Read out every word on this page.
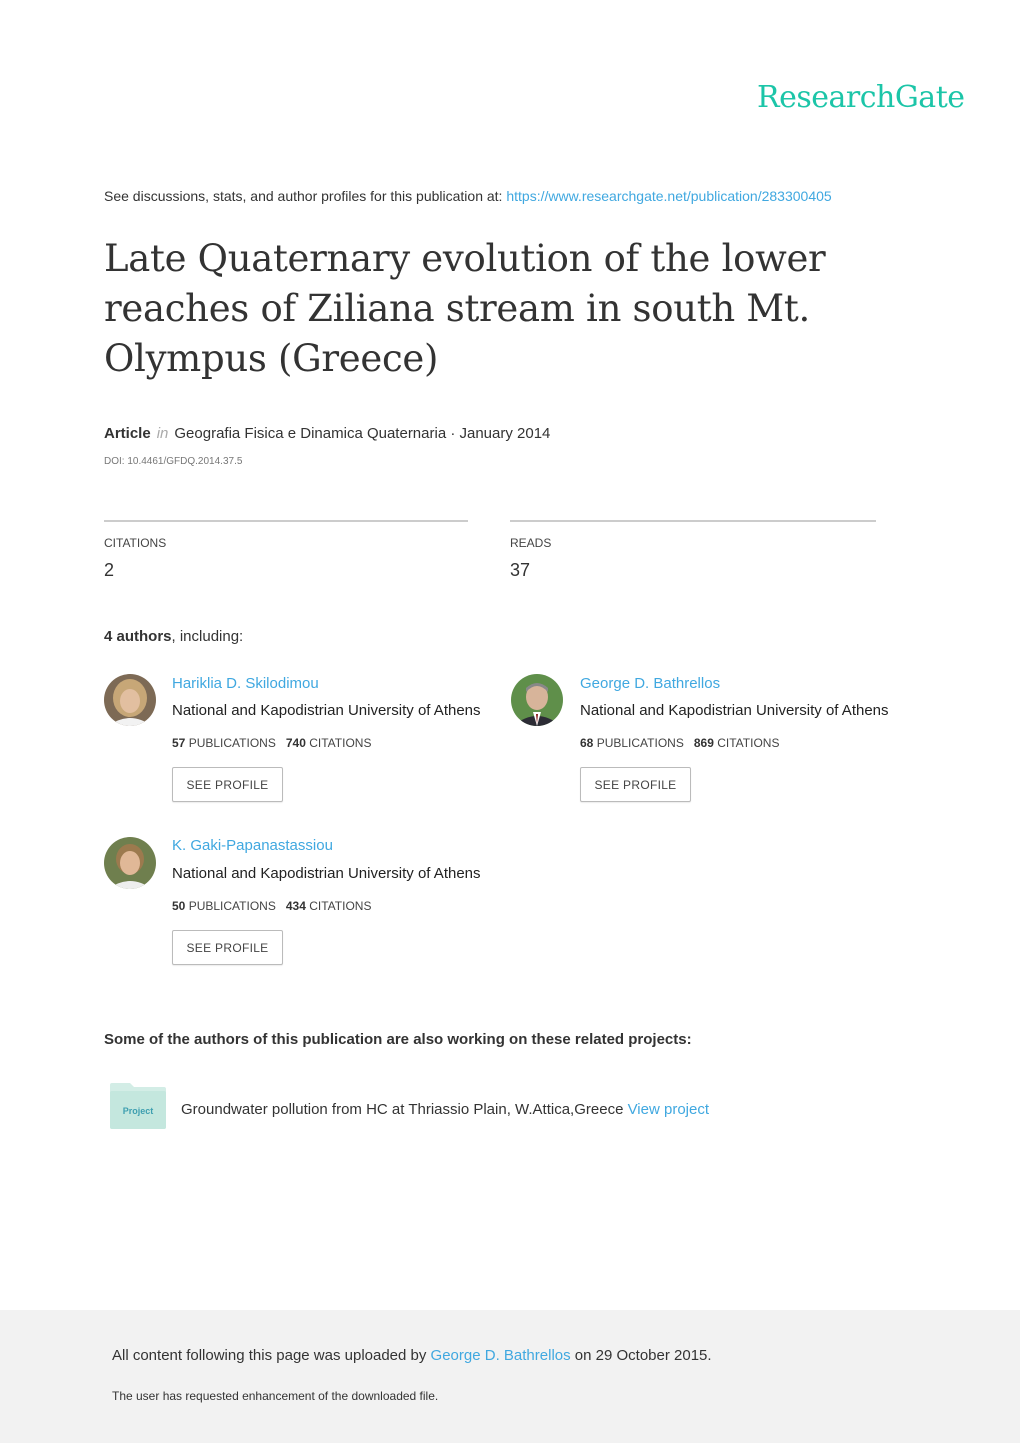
ResearchGate
See discussions, stats, and author profiles for this publication at: https://www.researchgate.net/publication/283300405
Late Quaternary evolution of the lower reaches of Ziliana stream in south Mt. Olympus (Greece)
Article in Geografia Fisica e Dinamica Quaternaria · January 2014
DOI: 10.4461/GFDQ.2014.37.5
CITATIONS
2
READS
37
4 authors, including:
Hariklia D. Skilodimou
National and Kapodistrian University of Athens
57 PUBLICATIONS 740 CITATIONS
SEE PROFILE
George D. Bathrellos
National and Kapodistrian University of Athens
68 PUBLICATIONS 869 CITATIONS
SEE PROFILE
K. Gaki-Papanastassiou
National and Kapodistrian University of Athens
50 PUBLICATIONS 434 CITATIONS
SEE PROFILE
Some of the authors of this publication are also working on these related projects:
Project Groundwater pollution from HC at Thriassio Plain, W.Attica,Greece View project
All content following this page was uploaded by George D. Bathrellos on 29 October 2015.
The user has requested enhancement of the downloaded file.
